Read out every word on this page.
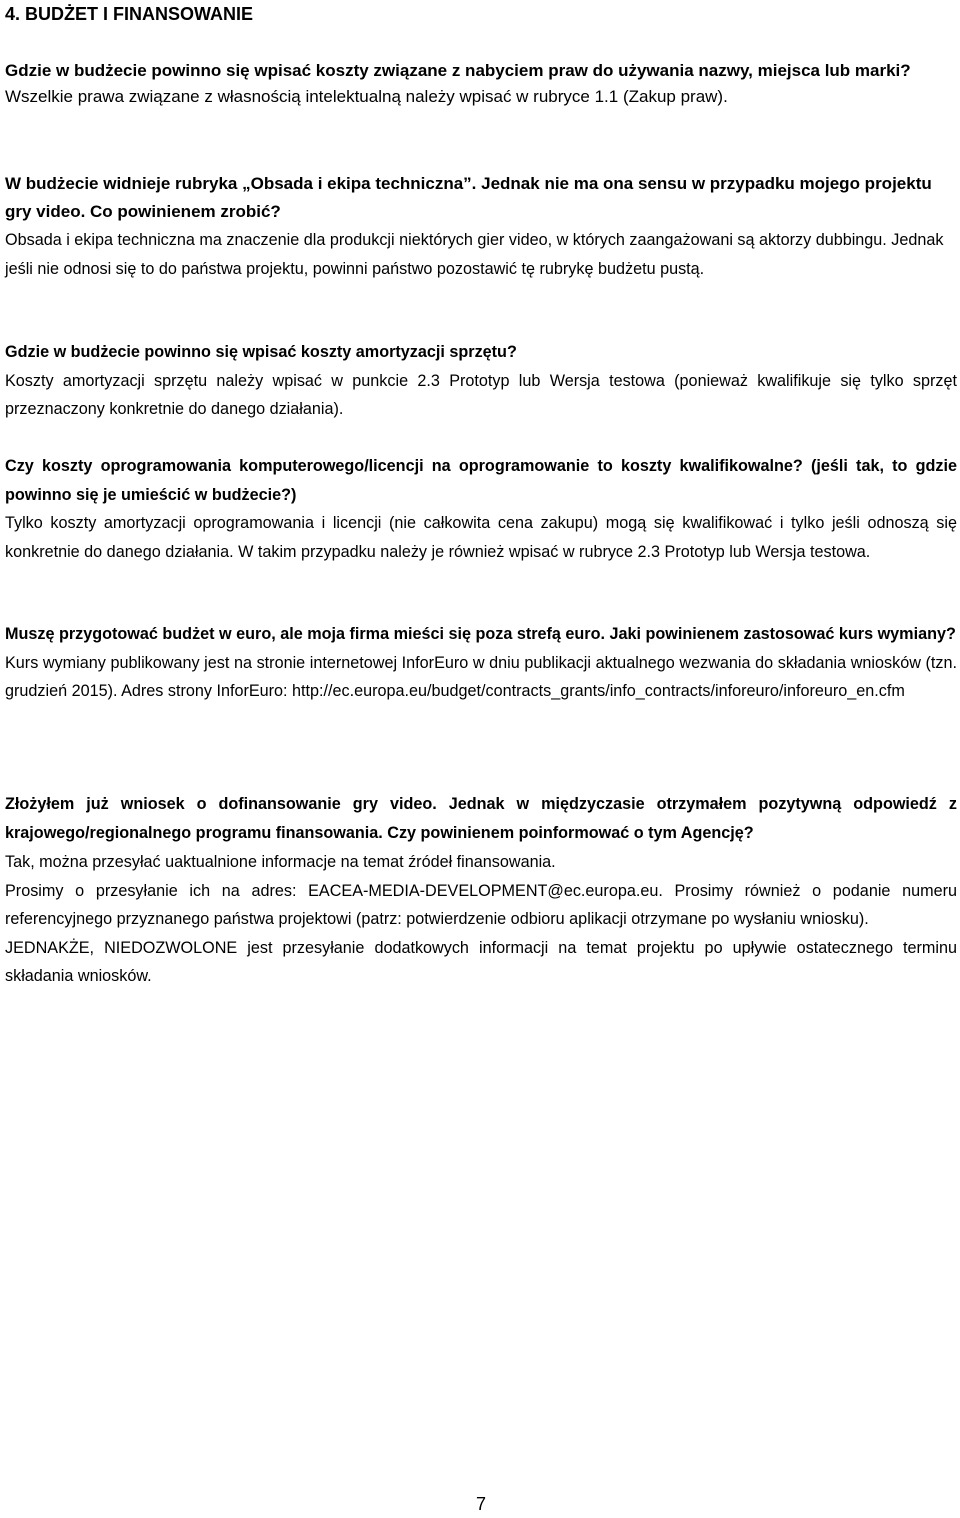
4. BUDŻET I FINANSOWANIE

Gdzie w budżecie powinno się wpisać koszty związane z nabyciem praw do używania nazwy, miejsca lub marki?

Wszelkie prawa związane z własnością intelektualną należy wpisać w rubryce 1.1 (Zakup praw).

W budżecie widnieje rubryka „Obsada i ekipa techniczna”. Jednak nie ma ona sensu w przypadku mojego projektu gry video. Co powinienem zrobić?

Obsada i ekipa techniczna ma znaczenie dla produkcji niektórych gier video, w których zaangażowani są aktorzy dubbingu. Jednak jeśli nie odnosi się to do państwa projektu, powinni państwo pozostawić tę rubrykę budżetu pustą.

Gdzie w budżecie powinno się wpisać koszty amortyzacji sprzętu?

Koszty amortyzacji sprzętu należy wpisać w punkcie 2.3 Prototyp lub Wersja testowa (ponieważ kwalifikuje się tylko sprzęt przeznaczony konkretnie do danego działania).

Czy koszty oprogramowania komputerowego/licencji na oprogramowanie to koszty kwalifikowalne? (jeśli tak, to gdzie powinno się je umieścić w budżecie?)

Tylko koszty amortyzacji oprogramowania i licencji (nie całkowita cena zakupu) mogą się kwalifikować i tylko jeśli odnoszą się konkretnie do danego działania. W takim przypadku należy je również wpisać w rubryce 2.3 Prototyp lub Wersja testowa.

Muszę przygotować budżet w euro, ale moja firma mieści się poza strefą euro. Jaki powinienem zastosować kurs wymiany?

Kurs wymiany publikowany jest na stronie internetowej InforEuro w dniu publikacji aktualnego wezwania do składania wniosków (tzn. grudzień 2015). Adres strony InforEuro: http://ec.europa.eu/budget/contracts_grants/info_contracts/inforeuro/inforeuro_en.cfm

Złożyłem już wniosek o dofinansowanie gry video. Jednak w międzyczasie otrzymałem pozytywną odpowiedź z krajowego/regionalnego programu finansowania. Czy powinienem poinformować o tym Agencję?

Tak, można przesyłać uaktualnione informacje na temat źródeł finansowania.

Prosimy o przesyłanie ich na adres: EACEA-MEDIA-DEVELOPMENT@ec.europa.eu. Prosimy również o podanie numeru referencyjnego przyznanego państwa projektowi (patrz: potwierdzenie odbioru aplikacji otrzymane po wysłaniu wniosku).

JEDNAKŻE, NIEDOZWOLONE jest przesyłanie dodatkowych informacji na temat projektu po upływie ostatecznego terminu składania wniosków.

7
